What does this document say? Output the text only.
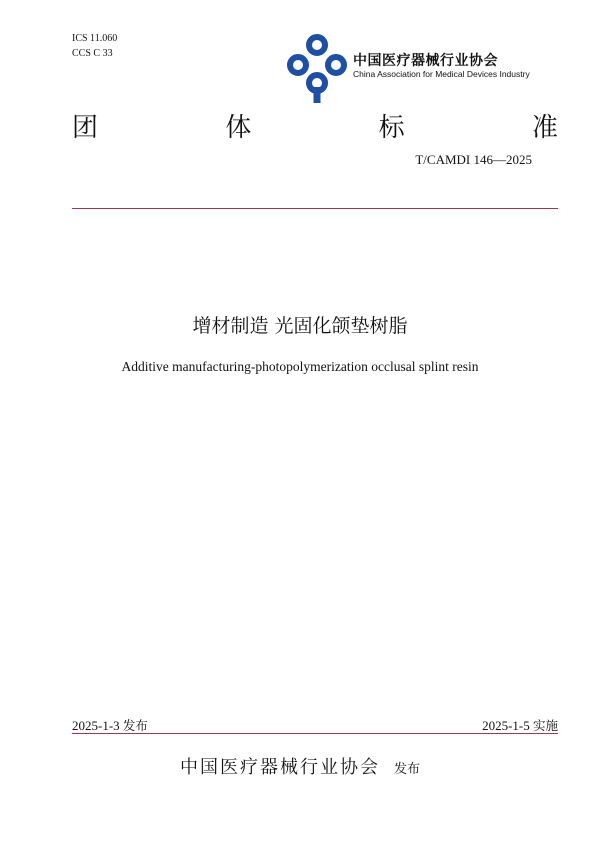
ICS 11.060
CCS C 33	中国医疗器械行业协会
China Association for Medical Devices Industry
团	体	标	准
T/CAMDI 146—2025
增材制造 光固化颌垫树脂
Additive manufacturing-photopolymerization occlusal splint resin
2025-1-3 发布	2025-1-5 实施
中国医疗器械行业协会 发布
